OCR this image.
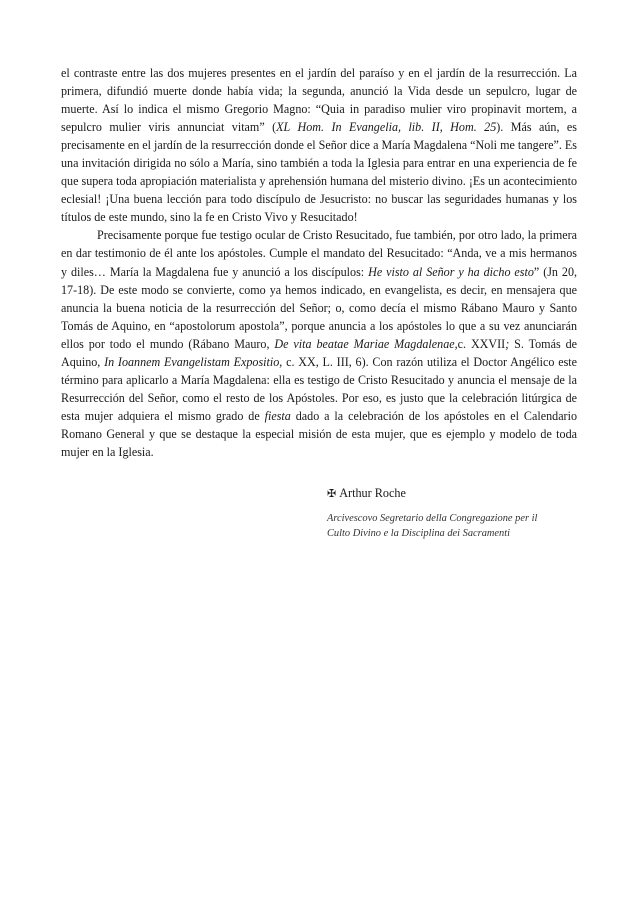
el contraste entre las dos mujeres presentes en el jardín del paraíso y en el jardín de la resurrección. La primera, difundió muerte donde había vida; la segunda, anunció la Vida desde un sepulcro, lugar de muerte. Así lo indica el mismo Gregorio Magno: “Quia in paradiso mulier viro propinavit mortem, a sepulcro mulier viris annunciat vitam” (XL Hom. In Evangelia, lib. II, Hom. 25). Más aún, es precisamente en el jardín de la resurrección donde el Señor dice a María Magdalena “Noli me tangere”. Es una invitación dirigida no sólo a María, sino también a toda la Iglesia para entrar en una experiencia de fe que supera toda apropiación materialista y aprehensión humana del misterio divino. ¡Es un acontecimiento eclesial! ¡Una buena lección para todo discípulo de Jesucristo: no buscar las seguridades humanas y los títulos de este mundo, sino la fe en Cristo Vivo y Resucitado!

Precisamente porque fue testigo ocular de Cristo Resucitado, fue también, por otro lado, la primera en dar testimonio de él ante los apóstoles. Cumple el mandato del Resucitado: “Anda, ve a mis hermanos y diles… María la Magdalena fue y anunció a los discípulos: He visto al Señor y ha dicho esto” (Jn 20, 17-18). De este modo se convierte, como ya hemos indicado, en evangelista, es decir, en mensajera que anuncia la buena noticia de la resurrección del Señor; o, como decía el mismo Rábano Mauro y Santo Tomás de Aquino, en “apostolorum apostola”, porque anuncia a los apóstoles lo que a su vez anunciarán ellos por todo el mundo (Rábano Mauro, De vita beatae Mariae Magdalenae,c. XXVII; S. Tomás de Aquino, In Ioannem Evangelistam Expositio, c. XX, L. III, 6). Con razón utiliza el Doctor Angélico este término para aplicarlo a María Magdalena: ella es testigo de Cristo Resucitado y anuncia el mensaje de la Resurrección del Señor, como el resto de los Apóstoles. Por eso, es justo que la celebración litúrgica de esta mujer adquiera el mismo grado de fiesta dado a la celebración de los apóstoles en el Calendario Romano General y que se destaque la especial misión de esta mujer, que es ejemplo y modelo de toda mujer en la Iglesia.

✠ Arthur Roche
Arcivescovo Segretario della Congregazione per il
Culto Divino e la Disciplina dei Sacramenti
